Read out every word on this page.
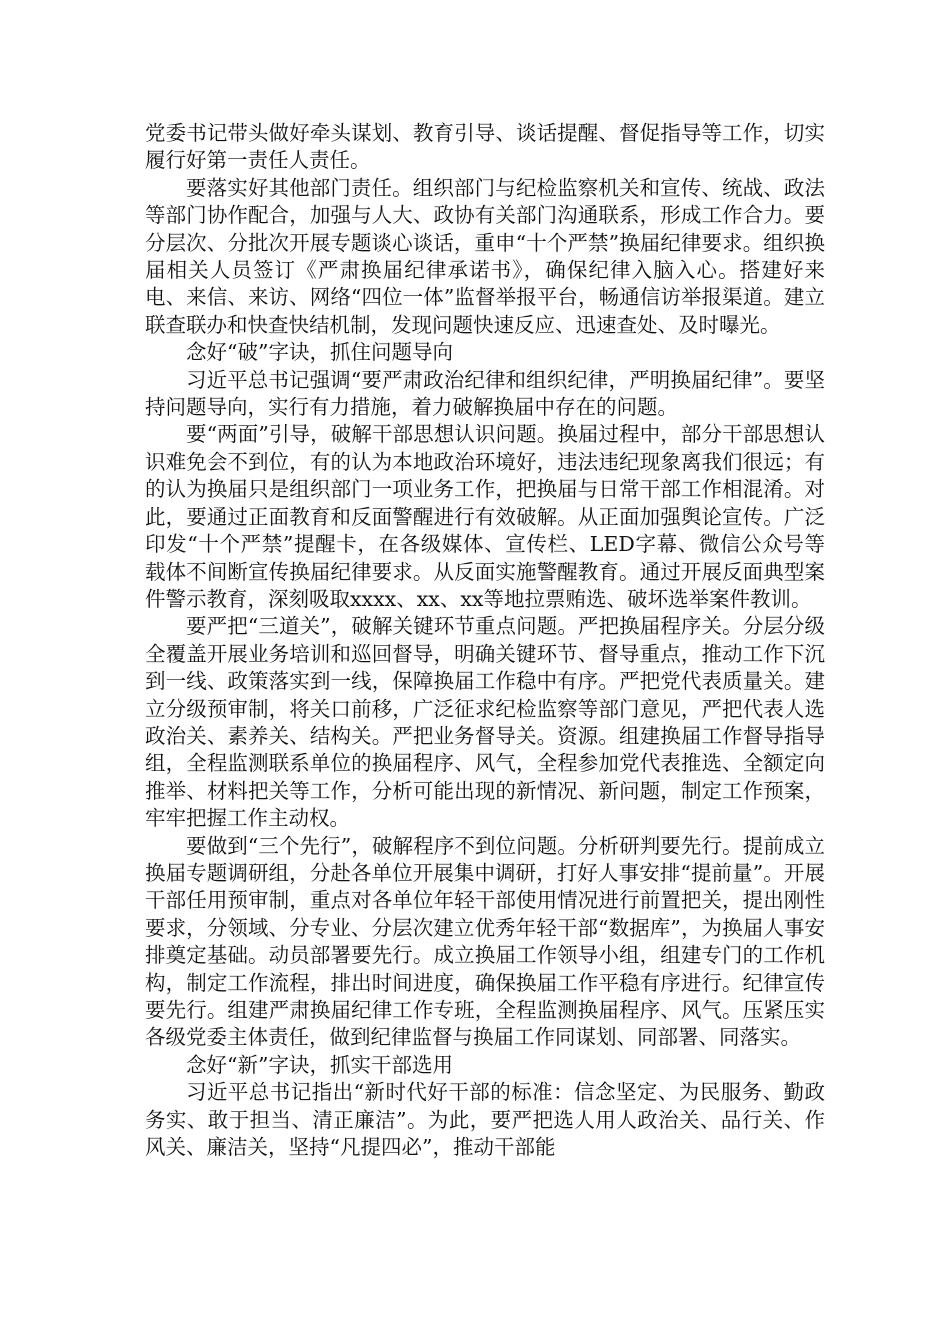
党委书记带头做好牵头谋划、教育引导、谈话提醒、督促指导等工作，切实履行好第一责任人责任。

要落实好其他部门责任。组织部门与纪检监察机关和宣传、统战、政法等部门协作配合，加强与人大、政协有关部门沟通联系，形成工作合力。要分层次、分批次开展专题谈心谈话，重申“十个严禁”换届纪律要求。组织换届相关人员签订《严肃换届纪律承诺书》，确保纪律入脑入心。搭建好来电、来信、来访、网络“四位一体”监督举报平台，畅通信访举报渠道。建立联查联办和快查快结机制，发现问题快速反应、迅速查处、及时曝光。

念好“破”字诀，抓住问题导向

习近平总书记强调“要严肃政治纪律和组织纪律，严明换届纪律”。要坚持问题导向，实行有力措施，着力破解换届中存在的问题。

要“两面”引导，破解干部思想认识问题。换届过程中，部分干部思想认识难免会不到位，有的认为本地政治环境好，违法违纪现象离我们很远；有的认为换届只是组织部门一项业务工作，把换届与日常干部工作相混淆。对此，要通过正面教育和反面警醒进行有效破解。从正面加强舆论宣传。广泛印发“十个严禁”提醒卡，在各级媒体、宣传栏、LED字幕、微信公众号等载体不间断宣传换届纪律要求。从反面实施警醒教育。通过开展反面典型案件警示教育，深刻吸取xxxx、xx、xx等地拉票贿选、破坏选举案件教训。

要严把“三道关”，破解关键环节重点问题。严把换届程序关。分层分级全覆盖开展业务培训和巡回督导，明确关键环节、督导重点，推动工作下沉到一线、政策落实到一线，保障换届工作稳中有序。严把党代表质量关。建立分级预审制，将关口前移，广泛征求纪检监察等部门意见，严把代表人选政治关、素养关、结构关。严把业务督导关。资源。组建换届工作督导指导组，全程监测联系单位的换届程序、风气，全程参加党代表推选、全额定向推举、材料把关等工作，分析可能出现的新情况、新问题，制定工作预案，牢牢把握工作主动权。

要做到“三个先行”，破解程序不到位问题。分析研判要先行。提前成立换届专题调研组，分赴各单位开展集中调研，打好人事安排“提前量”。开展干部任用预审制，重点对各单位年轻干部使用情况进行前置把关，提出刚性要求，分领域、分专业、分层次建立优秀年轻干部“数据库”，为换届人事安排奠定基础。动员部署要先行。成立换届工作领导小组，组建专门的工作机构，制定工作流程，排出时间进度，确保换届工作平稳有序进行。纪律宣传要先行。组建严肃换届纪律工作专班，全程监测换届程序、风气。压紧压实各级党委主体责任，做到纪律监督与换届工作同谋划、同部署、同落实。

念好“新”字诀，抓实干部选用

习近平总书记指出“新时代好干部的标准：信念坚定、为民服务、勤政务实、敢于担当、清正廉洁”。为此，要严把选人用人政治关、品行关、作风关、廉洁关，坚持“凡提四必”，推动干部能
